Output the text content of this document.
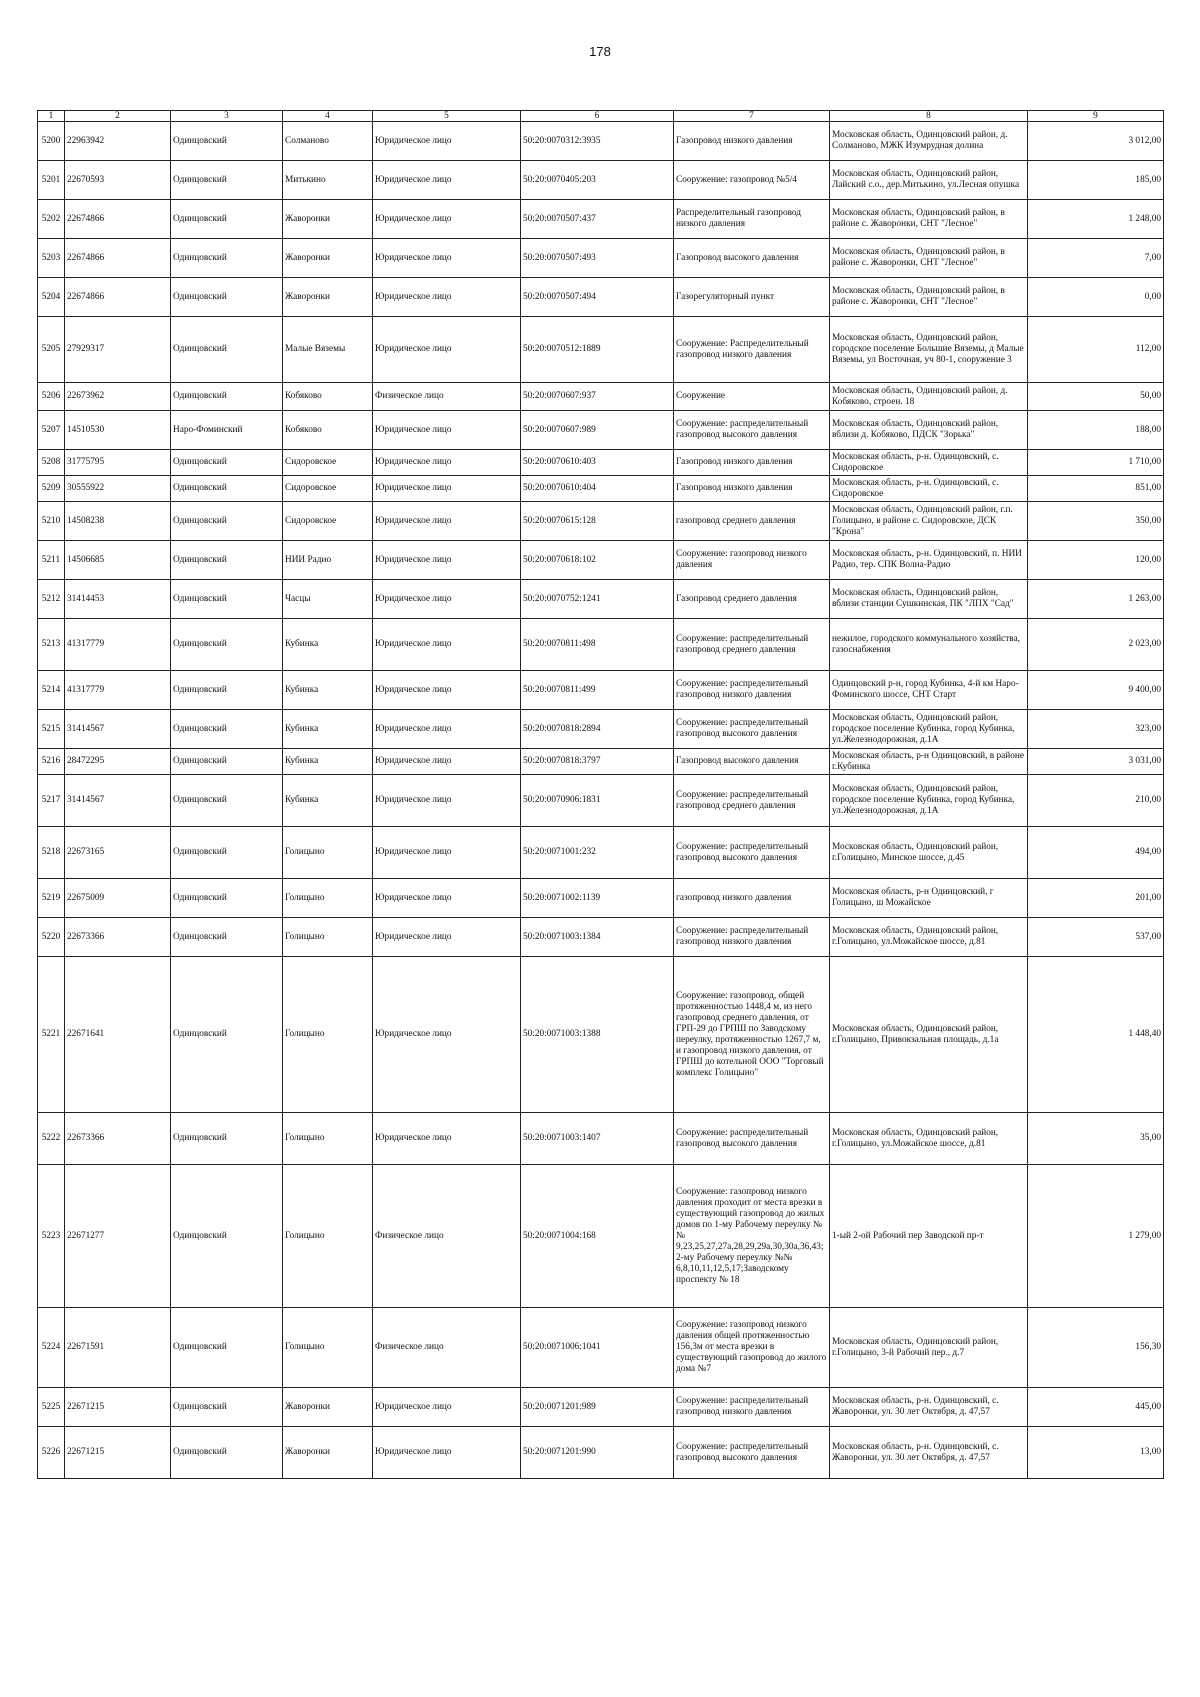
178
1	2	3	4	5	6	7	8	9
5200	22963942	Одинцовский	Солманово	Юридическое лицо	50:20:0070312:3935	Газопровод низкого давления	Московская область, Одинцовский район, д. Солманово, МЖК Изумрудная долина	3 012,00
5201	22670593	Одинцовский	Митькино	Юридическое лицо	50:20:0070405:203	Сооружение: газопровод №5/4	Московская область, Одинцовский район, Лайский с.о., дер.Митькино, ул.Лесная опушка	185,00
5202	22674866	Одинцовский	Жаворонки	Юридическое лицо	50:20:0070507:437	Распределительный газопровод низкого давления	Московская область, Одинцовский район, в районе с. Жаворонки, СНТ "Лесное"	1 248,00
5203	22674866	Одинцовский	Жаворонки	Юридическое лицо	50:20:0070507:493	Газопровод высокого давления	Московская область, Одинцовский район, в районе с. Жаворонки, СНТ "Лесное"	7,00
5204	22674866	Одинцовский	Жаворонки	Юридическое лицо	50:20:0070507:494	Газорегуляторный пункт	Московская область, Одинцовский район, в районе с. Жаворонки, СНТ "Лесное"	0,00
5205	27929317	Одинцовский	Малые Вяземы	Юридическое лицо	50:20:0070512:1889	Сооружение: Распределительный газопровод низкого давления	Московская область, Одинцовский район, городское поселение Большие Вяземы, д Малые Вяземы, ул Восточная, уч 80-1, сооружение 3	112,00
5206	22673962	Одинцовский	Кобяково	Физическое лицо	50:20:0070607:937	Сооружение	Московская область, Одинцовский район, д. Кобяково, строен. 18	50,00
5207	14510530	Наро-Фоминский	Кобяково	Юридическое лицо	50:20:0070607:989	Сооружение: распределительный газопровод высокого давления	Московская область, Одинцовский район, вблизи д. Кобяково, ПДСК "Зорька"	188,00
5208	31775795	Одинцовский	Сидоровское	Юридическое лицо	50:20:0070610:403	Газопровод низкого давления	Московская область, р-н. Одинцовский, с. Сидоровское	1 710,00
5209	30555922	Одинцовский	Сидоровское	Юридическое лицо	50:20:0070610:404	Газопровод низкого давления	Московская область, р-н. Одинцовский, с. Сидоровское	851,00
5210	14508238	Одинцовский	Сидоровское	Юридическое лицо	50:20:0070615:128	газопровод среднего давления	Московская область, Одинцовский район, г.п. Голицыно, в районе с. Сидоровское, ДСК "Крона"	350,00
5211	14506685	Одинцовский	НИИ Радио	Юридическое лицо	50:20:0070618:102	Сооружение: газопровод низкого давления	Московская область, р-н. Одинцовский, п. НИИ Радио, тер. СПК Волна-Радио	120,00
5212	31414453	Одинцовский	Часцы	Юридическое лицо	50:20:0070752:1241	Газопровод среднего давления	Московская область, Одинцовский район, вблизи станции Сушкинская, ПК "ЛПХ "Сад"	1 263,00
5213	41317779	Одинцовский	Кубинка	Юридическое лицо	50:20:0070811:498	Сооружение: распределительный газопровод среднего давления	нежилое, городского коммунального хозяйства, газоснабжения	2 023,00
5214	41317779	Одинцовский	Кубинка	Юридическое лицо	50:20:0070811:499	Сооружение: распределительный газопровод низкого давления	Одинцовский р-н, город Кубинка, 4-й км Наро-Фоминского шоссе, СНТ Старт	9 400,00
5215	31414567	Одинцовский	Кубинка	Юридическое лицо	50:20:0070818:2894	Сооружение: распределительный газопровод высокого давления	Московская область, Одинцовский район, городское поселение Кубинка, город Кубинка, ул.Железнодорожная, д.1А	323,00
5216	28472295	Одинцовский	Кубинка	Юридическое лицо	50:20:0070818:3797	Газопровод высокого давления	Московская область, р-н Одинцовский, в районе г.Кубинка	3 031,00
5217	31414567	Одинцовский	Кубинка	Юридическое лицо	50:20:0070906:1831	Сооружение: распределительный газопровод среднего давления	Московская область, Одинцовский район, городское поселение Кубинка, город Кубинка, ул.Железнодорожная, д.1А	210,00
5218	22673165	Одинцовский	Голицыно	Юридическое лицо	50:20:0071001:232	Сооружение: распределительный газопровод высокого давления	Московская область, Одинцовский район, г.Голицыно, Минское шоссе, д.45	494,00
5219	22675009	Одинцовский	Голицыно	Юридическое лицо	50:20:0071002:1139	газопровод низкого давления	Московская область, р-н Одинцовский, г Голицыно, ш Можайское	201,00
5220	22673366	Одинцовский	Голицыно	Юридическое лицо	50:20:0071003:1384	Сооружение: распределительный газопровод низкого давления	Московская область, Одинцовский район, г.Голицыно, ул.Можайское шоссе, д.81	537,00
5221	22671641	Одинцовский	Голицыно	Юридическое лицо	50:20:0071003:1388	Сооружение: газопровод, общей протяженностью 1448,4 м, из него газопровод среднего давления, от ГРП-29 до ГРПШ по Заводскому переулку, протяженностью 1267,7 м, и газопровод низкого давления, от ГРПШ до котельной ООО "Торговый комплекс Голицыно"	Московская область, Одинцовский район, г.Голицыно, Привокзальная площадь, д.1а	1 448,40
5222	22673366	Одинцовский	Голицыно	Юридическое лицо	50:20:0071003:1407	Сооружение: распределительный газопровод высокого давления	Московская область, Одинцовский район, г.Голицыно, ул.Можайское шоссе, д.81	35,00
5223	22671277	Одинцовский	Голицыно	Физическое лицо	50:20:0071004:168	Сооружение: газопровод низкого давления проходит от места врезки в существующий газопровод до жилых домов по 1-му Рабочему переулку №№ 9,23,25,27,27а,28,29,29а,30,30а,36,43;2-му Рабочему переулку №№ 6,8,10,11,12,5,17;Заводскому проспекту № 18	1-ый 2-ой Рабочий пер Заводской пр-т	1 279,00
5224	22671591	Одинцовский	Голицыно	Физическое лицо	50:20:0071006:1041	Сооружение: газопровод низкого давления общей протяженностью 156,3м от места врезки в существующий газопровод до жилого дома №7	Московская область, Одинцовский район, г.Голицыно, 3-й Рабочий пер., д.7	156,30
5225	22671215	Одинцовский	Жаворонки	Юридическое лицо	50:20:0071201:989	Сооружение: распределительный газопровод низкого давления	Московская область, р-н. Одинцовский, с. Жаворонки, ул. 30 лет Октября, д. 47,57	445,00
5226	22671215	Одинцовский	Жаворонки	Юридическое лицо	50:20:0071201:990	Сооружение: распределительный газопровод высокого давления	Московская область, р-н. Одинцовский, с. Жаворонки, ул. 30 лет Октября, д. 47,57	13,00
